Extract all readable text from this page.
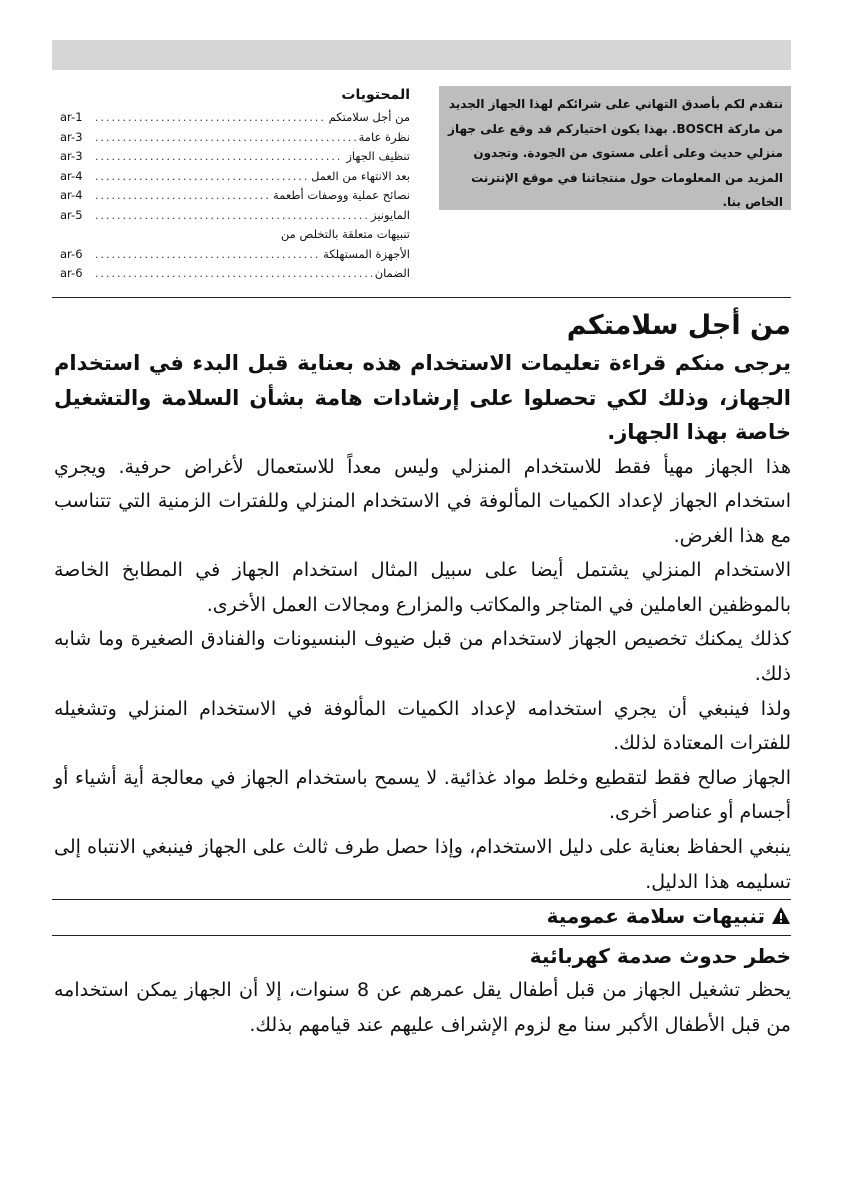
نتقدم لكم بأصدق التهاني على شرائكم لهذا الجهاز الجديد من ماركة BOSCH. بهذا يكون اختياركم قد وقع على جهاز منزلي حديث وعلى أعلى مستوى من الجودة. وتجدون المزيد من المعلومات حول منتجاتنا في موقع الإنترنت الخاص بنا.
المحتويات
من أجل سلامتكم
.....
ar-1
نظرة عامة
.....
ar-3
تنظيف الجهاز
.....
ar-3
بعد الانتهاء من العمل
.....
ar-4
نصائح عملية ووصفات أطعمة
.....
ar-4
المايونيز
.....
ar-5
تنبيهات متعلقة بالتخلص من
الأجهزة المستهلكة
.....
ar-6
الضمان
.....
ar-6
من أجل سلامتكم

يرجى منكم قراءة تعليمات الاستخدام هذه بعناية قبل البدء في استخدام الجهاز، وذلك لكي تحصلوا على إرشادات هامة بشأن السلامة والتشغيل خاصة بهذا الجهاز.

هذا الجهاز مهيأ فقط للاستخدام المنزلي وليس معداً للاستعمال لأغراض حرفية. ويجري استخدام الجهاز لإعداد الكميات المألوفة في الاستخدام المنزلي وللفترات الزمنية التي تتناسب مع هذا الغرض.

الاستخدام المنزلي يشتمل أيضا على سبيل المثال استخدام الجهاز في المطابخ الخاصة بالموظفين العاملين في المتاجر والمكاتب والمزارع ومجالات العمل الأخرى.

كذلك يمكنك تخصيص الجهاز لاستخدام من قبل ضيوف البنسيونات والفنادق الصغيرة وما شابه ذلك.

ولذا فينبغي أن يجري استخدامه لإعداد الكميات المألوفة في الاستخدام المنزلي وتشغيله للفترات المعتادة لذلك.

الجهاز صالح فقط لتقطيع وخلط مواد غذائية. لا يسمح باستخدام الجهاز في معالجة أية أشياء أو أجسام أو عناصر أخرى.

ينبغي الحفاظ بعناية على دليل الاستخدام، وإذا حصل طرف ثالث على الجهاز فينبغي الانتباه إلى تسليمه هذا الدليل.

تنبيهات سلامة عمومية
خطر حدوث صدمة كهربائية

يحظر تشغيل الجهاز من قبل أطفال يقل عمرهم عن 8 سنوات، إلا أن الجهاز يمكن استخدامه من قبل الأطفال الأكبر سنا مع لزوم الإشراف عليهم عند قيامهم بذلك.
